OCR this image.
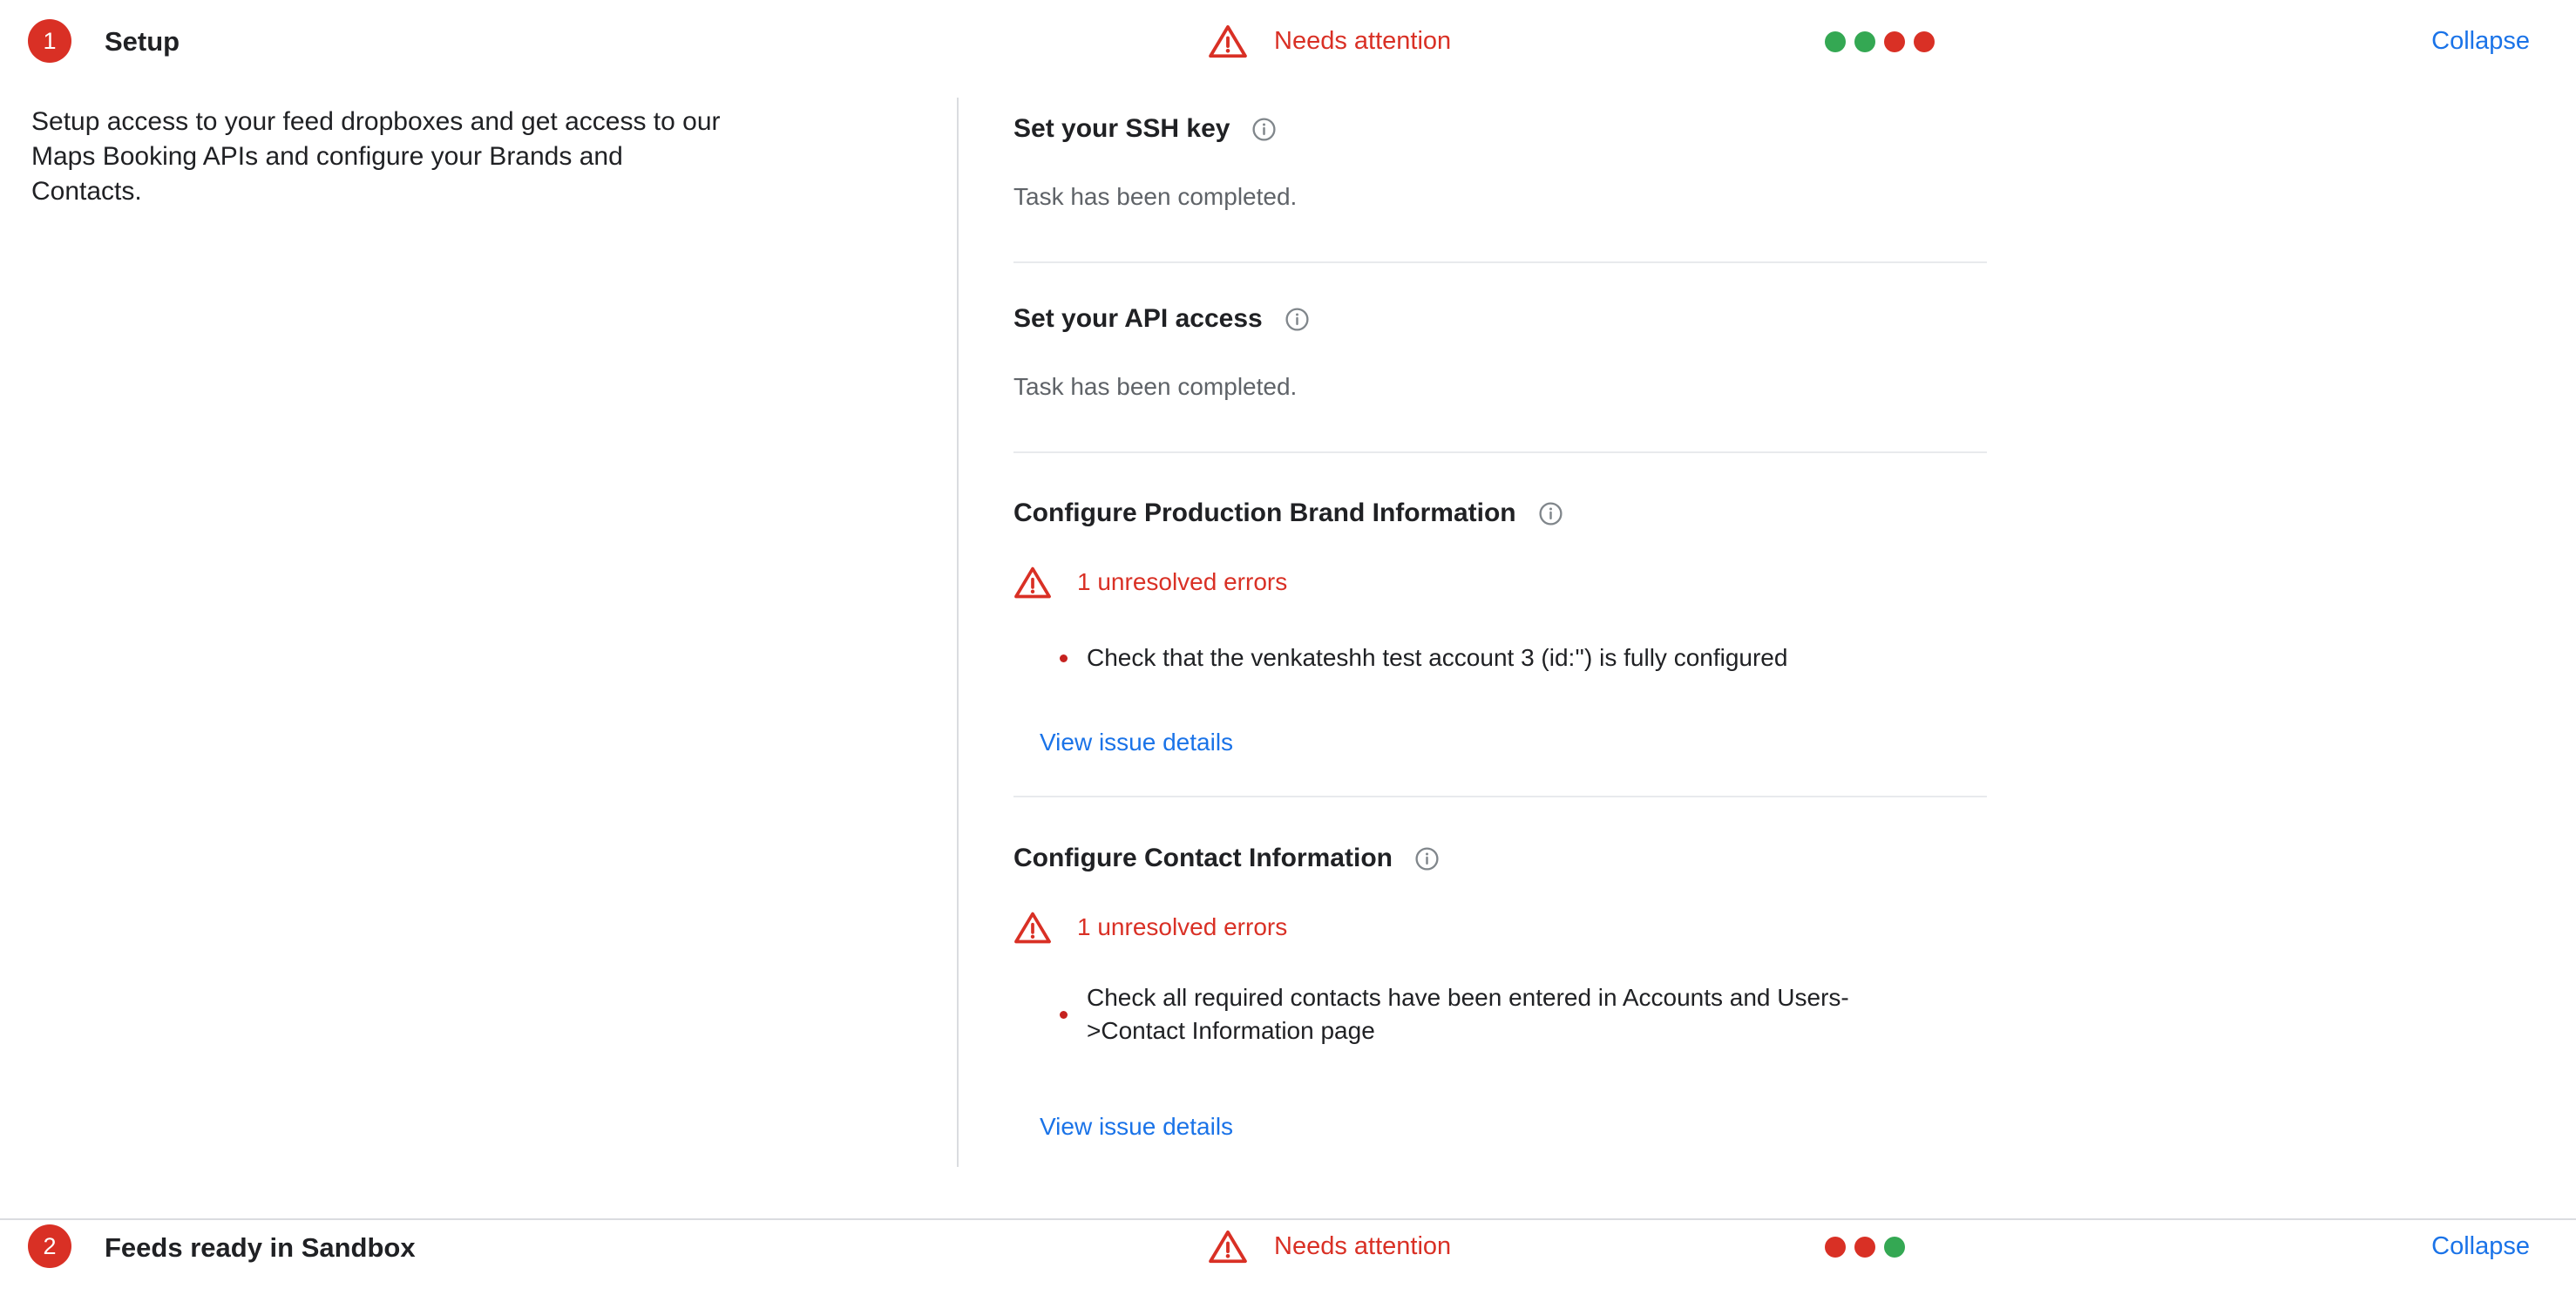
1 Setup	Needs attention	Collapse
Setup access to your feed dropboxes and get access to our
Maps Booking APIs and configure your Brands and
Contacts.
Set your SSH key
Task has been completed.
Set your API access
Task has been completed.
Configure Production Brand Information
1 unresolved errors
Check that the venkateshh test account 3 (id:'') is fully configured
View issue details
Configure Contact Information
1 unresolved errors
Check all required contacts have been entered in Accounts and Users-
>Contact Information page
View issue details
2 Feeds ready in Sandbox	Needs attention	Collapse
